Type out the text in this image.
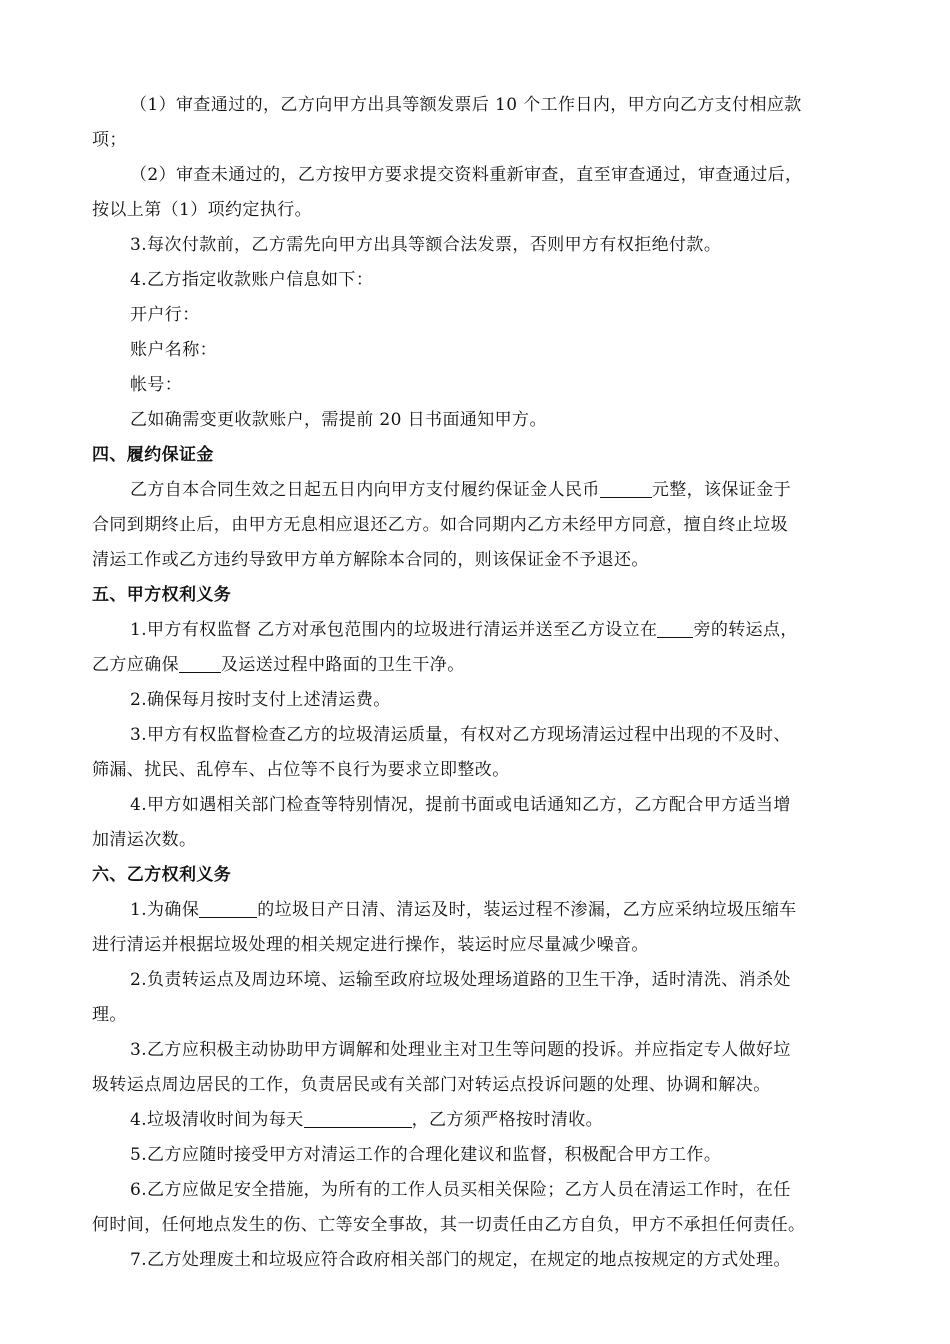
（1）审查通过的，乙方向甲方出具等额发票后 10 个工作日内，甲方向乙方支付相应款
项；
（2）审查未通过的，乙方按甲方要求提交资料重新审查，直至审查通过，审查通过后，
按以上第（1）项约定执行。
3.每次付款前，乙方需先向甲方出具等额合法发票，否则甲方有权拒绝付款。
4.乙方指定收款账户信息如下：
开户行：
账户名称：
帐号：
乙如确需变更收款账户，需提前 20 日书面通知甲方。
四、履约保证金
乙方自本合同生效之日起五日内向甲方支付履约保证金人民币	元整，该保证金于
合同到期终止后，由甲方无息相应退还乙方。如合同期内乙方未经甲方同意，擅自终止垃圾
清运工作或乙方违约导致甲方单方解除本合同的，则该保证金不予退还。
五、甲方权利义务
1.甲方有权监督 乙方对承包范围内的垃圾进行清运并送至乙方设立在 旁的转运点，
乙方应确保 及运送过程中路面的卫生干净。
2.确保每月按时支付上述清运费。
3.甲方有权监督检查乙方的垃圾清运质量，有权对乙方现场清运过程中出现的不及时、
筛漏、扰民、乱停车、占位等不良行为要求立即整改。
4.甲方如遇相关部门检查等特别情况，提前书面或电话通知乙方，乙方配合甲方适当增
加清运次数。
六、乙方权利义务
1.为确保	的垃圾日产日清、清运及时，装运过程不渗漏，乙方应采纳垃圾压缩车
进行清运并根据垃圾处理的相关规定进行操作，装运时应尽量减少噪音。
2.负责转运点及周边环境、运输至政府垃圾处理场道路的卫生干净，适时清洗、消杀处
理。
3.乙方应积极主动协助甲方调解和处理业主对卫生等问题的投诉。并应指定专人做好垃
圾转运点周边居民的工作，负责居民或有关部门对转运点投诉问题的处理、协调和解决。
4.垃圾清收时间为每天	，乙方须严格按时清收。
5.乙方应随时接受甲方对清运工作的合理化建议和监督，积极配合甲方工作。
6.乙方应做足安全措施，为所有的工作人员买相关保险；乙方人员在清运工作时，在任
何时间，任何地点发生的伤、亡等安全事故，其一切责任由乙方自负，甲方不承担任何责任。
7.乙方处理废土和垃圾应符合政府相关部门的规定，在规定的地点按规定的方式处理。
